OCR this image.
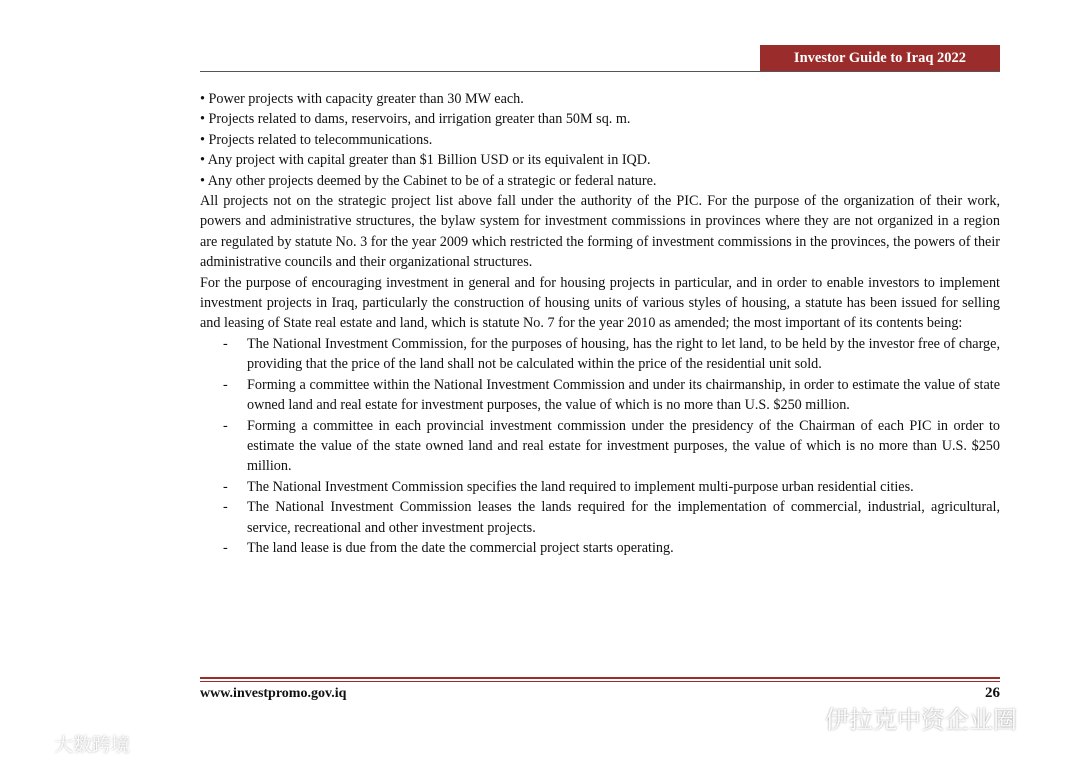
Investor Guide to Iraq 2022
• Power projects with capacity greater than 30 MW each.
• Projects related to dams, reservoirs, and irrigation greater than 50M sq. m.
• Projects related to telecommunications.
• Any project with capital greater than $1 Billion USD or its equivalent in IQD.
• Any other projects deemed by the Cabinet to be of a strategic or federal nature.

All projects not on the strategic project list above fall under the authority of the PIC. For the purpose of the organization of their work, powers and administrative structures, the bylaw system for investment commissions in provinces where they are not organized in a region are regulated by statute No. 3 for the year 2009 which restricted the forming of investment commissions in the provinces, the powers of their administrative councils and their organizational structures.

For the purpose of encouraging investment in general and for housing projects in particular, and in order to enable investors to implement investment projects in Iraq, particularly the construction of housing units of various styles of housing, a statute has been issued for selling and leasing of State real estate and land, which is statute No. 7 for the year 2010 as amended; the most important of its contents being:

- The National Investment Commission, for the purposes of housing, has the right to let land, to be held by the investor free of charge, providing that the price of the land shall not be calculated within the price of the residential unit sold.
- Forming a committee within the National Investment Commission and under its chairmanship, in order to estimate the value of state owned land and real estate for investment purposes, the value of which is no more than U.S. $250 million.
- Forming a committee in each provincial investment commission under the presidency of the Chairman of each PIC in order to estimate the value of the state owned land and real estate for investment purposes, the value of which is no more than U.S. $250 million.
- The National Investment Commission specifies the land required to implement multi-purpose urban residential cities.
- The National Investment Commission leases the lands required for the implementation of commercial, industrial, agricultural, service, recreational and other investment projects.
- The land lease is due from the date the commercial project starts operating.
www.investpromo.gov.iq	26
伊拉克中资企业圈
大数跨境
